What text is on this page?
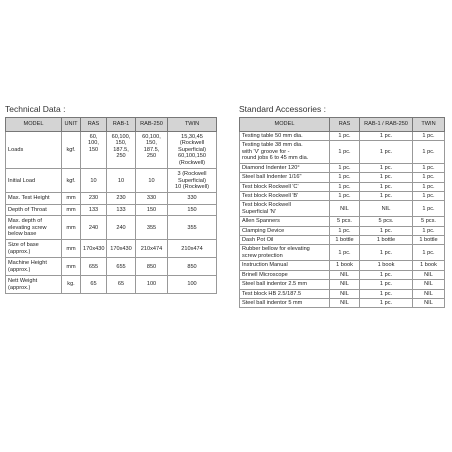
Technical Data :
MODEL	UNIT	RAS	RAB-1	RAB-250	TWIN
Loads	kgf.	60,
100,
150	60,100,
150,
187.5,
250	60,100,
150,
187.5,
250	15,30,45
(Rockwell
Superficial)
60,100,150
(Rockwell)
Initial Load	kgf.	10	10	10	3 (Rockwell
Superficial)
10 (Rockwell)
Max. Test Height	mm	230	230	330	330
Depth of Throat	mm	133	133	150	150
Max. depth of
elevating screw
below base	mm	240	240	355	355
Size of base
(approx.)	mm	170x430	170x430	210x474	210x474
Machine Height
(approx.)	mm	655	655	850	850
Nett Weight
(approx.)	kg.	65	65	100	100
Standard Accessories :
MODEL	RAS	RAB-1 / RAB-250	TWIN
Testing table 50 mm dia.	1 pc.	1 pc.	1 pc.
Testing table 38 mm dia.
with 'V' groove for -
round jobs 6 to 45 mm dia.	1 pc.	1 pc.	1 pc.
Diamond Indenter 120°	1 pc.	1 pc.	1 pc.
Steel ball Indenter 1/16"	1 pc.	1 pc.	1 pc.
Test block Rockwell 'C'	1 pc.	1 pc.	1 pc.
Test block Rockwell 'B'	1 pc.	1 pc.	1 pc.
Test block Rockwell
Superficial 'N'	NIL	NIL	1 pc.
Allen Spanners	5 pcs.	5 pcs.	5 pcs.
Clamping Device	1 pc.	1 pc.	1 pc.
Dash Pot Oil	1 bottle	1 bottle	1 bottle
Rubber bellow for elevating
screw protection	1 pc.	1 pc.	1 pc.
Instruction Manual	1 book	1 book	1 book
Brinell Microscope	NIL	1 pc.	NIL
Steel ball indentor 2.5 mm	NIL	1 pc.	NIL
Test block HB 2.5/187.5	NIL	1 pc.	NIL
Steel ball indentor 5 mm	NIL	1 pc.	NIL
